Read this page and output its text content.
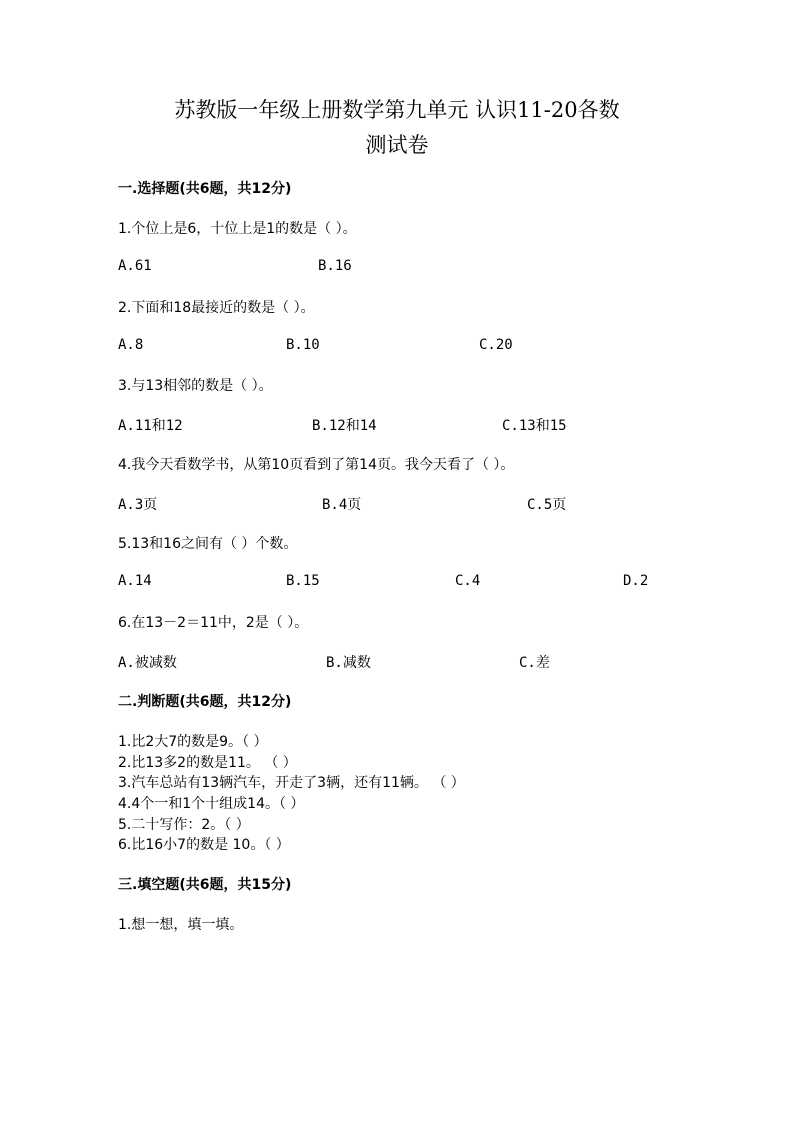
苏教版一年级上册数学第九单元 认识11-20各数
测试卷
一.选择题(共6题，共12分)
1.个位上是6，十位上是1的数是（ ）。
A.61	B.16
2.下面和18最接近的数是（ ）。
A.8	B.10	C.20
3.与13相邻的数是（ ）。
A.11和12	B.12和14	C.13和15
4.我今天看数学书，从第10页看到了第14页。我今天看了（ ）。
A.3页	B.4页	C.5页
5.13和16之间有（ ）个数。
A.14	B.15	C.4	D.2
6.在13－2＝11中，2是（ ）。
A.被减数	B.减数	C.差
二.判断题(共6题，共12分)
1.比2大7的数是9。（ ）
2.比13多2的数是11。 （ ）
3.汽车总站有13辆汽车，开走了3辆，还有11辆。 （ ）
4.4个一和1个十组成14。（ ）
5.二十写作：2。（ ）
6.比16小7的数是 10。（ ）
三.填空题(共6题，共15分)
1.想一想，填一填。
